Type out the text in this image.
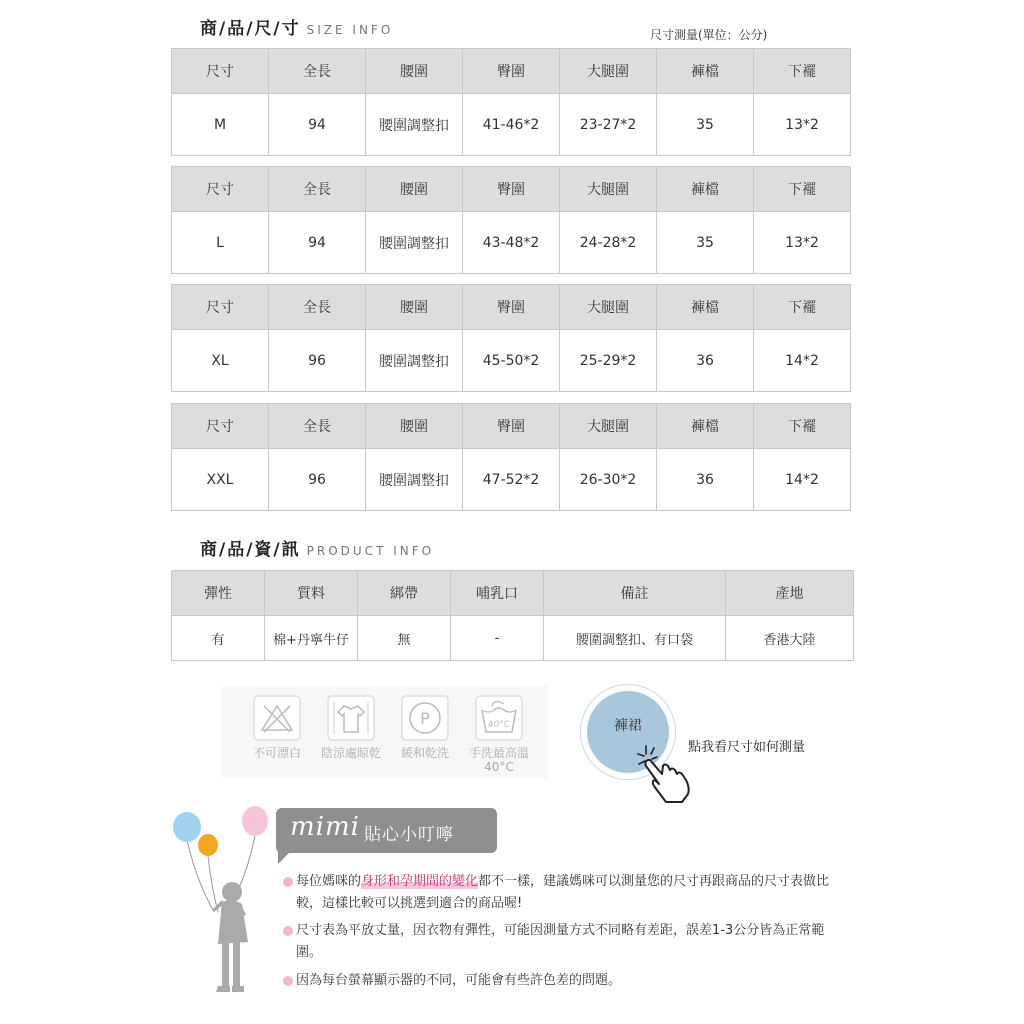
商/品/尺/寸 SIZE INFO	尺寸測量(單位：公分)
尺寸	全長	腰圍	臀圍	大腿圍	褲檔	下襬
M	94	腰圍調整扣	41-46*2	23-27*2	35	13*2
尺寸	全長	腰圍	臀圍	大腿圍	褲檔	下襬
L	94	腰圍調整扣	43-48*2	24-28*2	35	13*2
尺寸	全長	腰圍	臀圍	大腿圍	褲檔	下襬
XL	96	腰圍調整扣	45-50*2	25-29*2	36	14*2
尺寸	全長	腰圍	臀圍	大腿圍	褲檔	下襬
XXL	96	腰圍調整扣	47-52*2	26-30*2	36	14*2
商/品/資/訊 PRODUCT INFO
彈性	質料	綁帶	哺乳口	備註	產地
有	棉+丹寧牛仔	無	-	腰圍調整扣、有口袋	香港大陸
不可漂白	陰涼處晾乾
P
緩和乾洗
40°C
手洗最高溫
40°C
褲裙
點我看尺寸如何測量
mimi 貼心小叮嚀
每位媽咪的身形和孕期間的變化都不一樣，建議媽咪可以測量您的尺寸再跟商品的尺寸表做比較，這樣比較可以挑選到適合的商品喔!
尺寸表為平放丈量，因衣物有彈性，可能因測量方式不同略有差距，誤差1-3公分皆為正常範圍。
因為每台螢幕顯示器的不同，可能會有些許色差的問題。
